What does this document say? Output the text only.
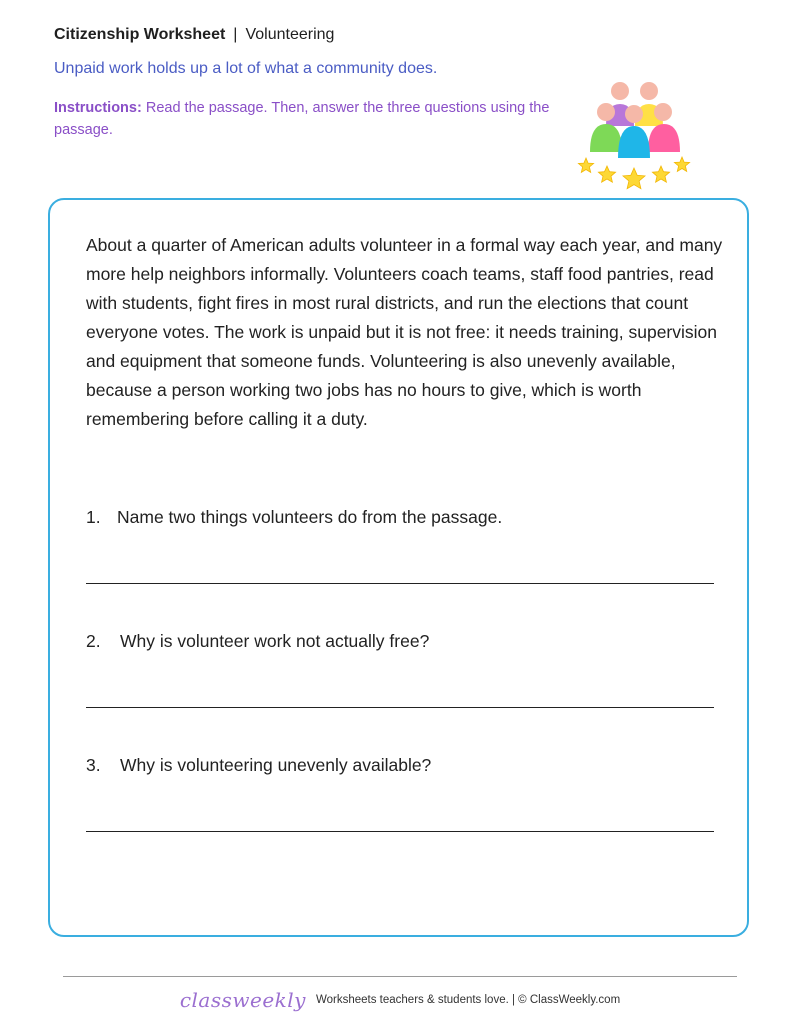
Citizenship Worksheet | Volunteering
Unpaid work holds up a lot of what a community does.
Instructions: Read the passage. Then, answer the three questions using the passage.
About a quarter of American adults volunteer in a formal way each year, and many more help neighbors informally. Volunteers coach teams, staff food pantries, read with students, fight fires in most rural districts, and run the elections that count everyone votes. The work is unpaid but it is not free: it needs training, supervision and equipment that someone funds. Volunteering is also unevenly available, because a person working two jobs has no hours to give, which is worth remembering before calling it a duty.
1. Name two things volunteers do from the passage.
2. Why is volunteer work not actually free?
3. Why is volunteering unevenly available?
classweekly Worksheets teachers & students love. | © ClassWeekly.com
